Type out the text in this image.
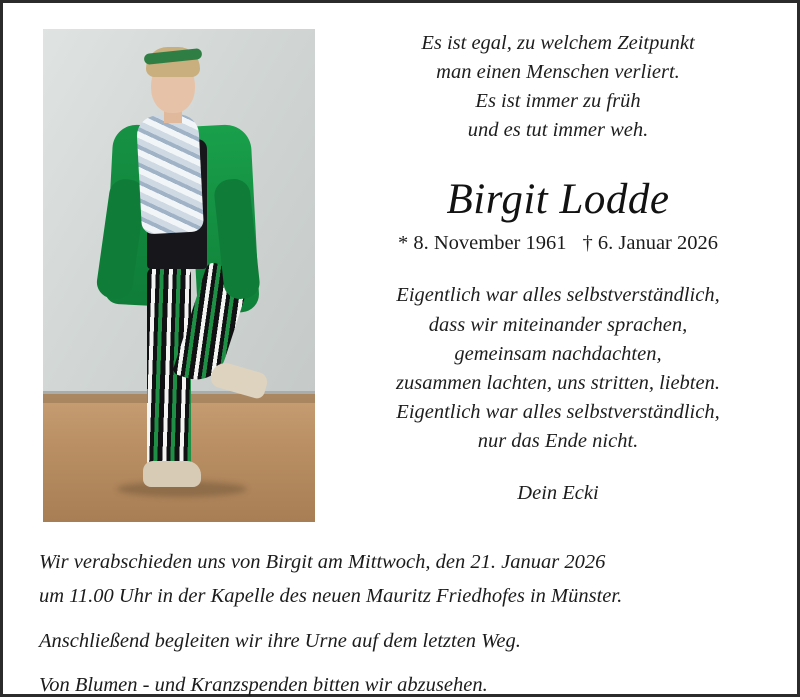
Es ist egal, zu welchem Zeitpunkt

man einen Menschen verliert.

Es ist immer zu früh

und es tut immer weh.

Birgit Lodde
* 8. November 1961 † 6. Januar 2026

Eigentlich war alles selbstverständlich,

dass wir miteinander sprachen,

gemeinsam nachdachten,

zusammen lachten, uns stritten, liebten.

Eigentlich war alles selbstverständlich,

nur das Ende nicht.

Dein Ecki

Wir verabschieden uns von Birgit am Mittwoch, den 21. Januar 2026

um 11.00 Uhr in der Kapelle des neuen Mauritz Friedhofes in Münster.

Anschließend begleiten wir ihre Urne auf dem letzten Weg.

Von Blumen - und Kranzspenden bitten wir abzusehen.
